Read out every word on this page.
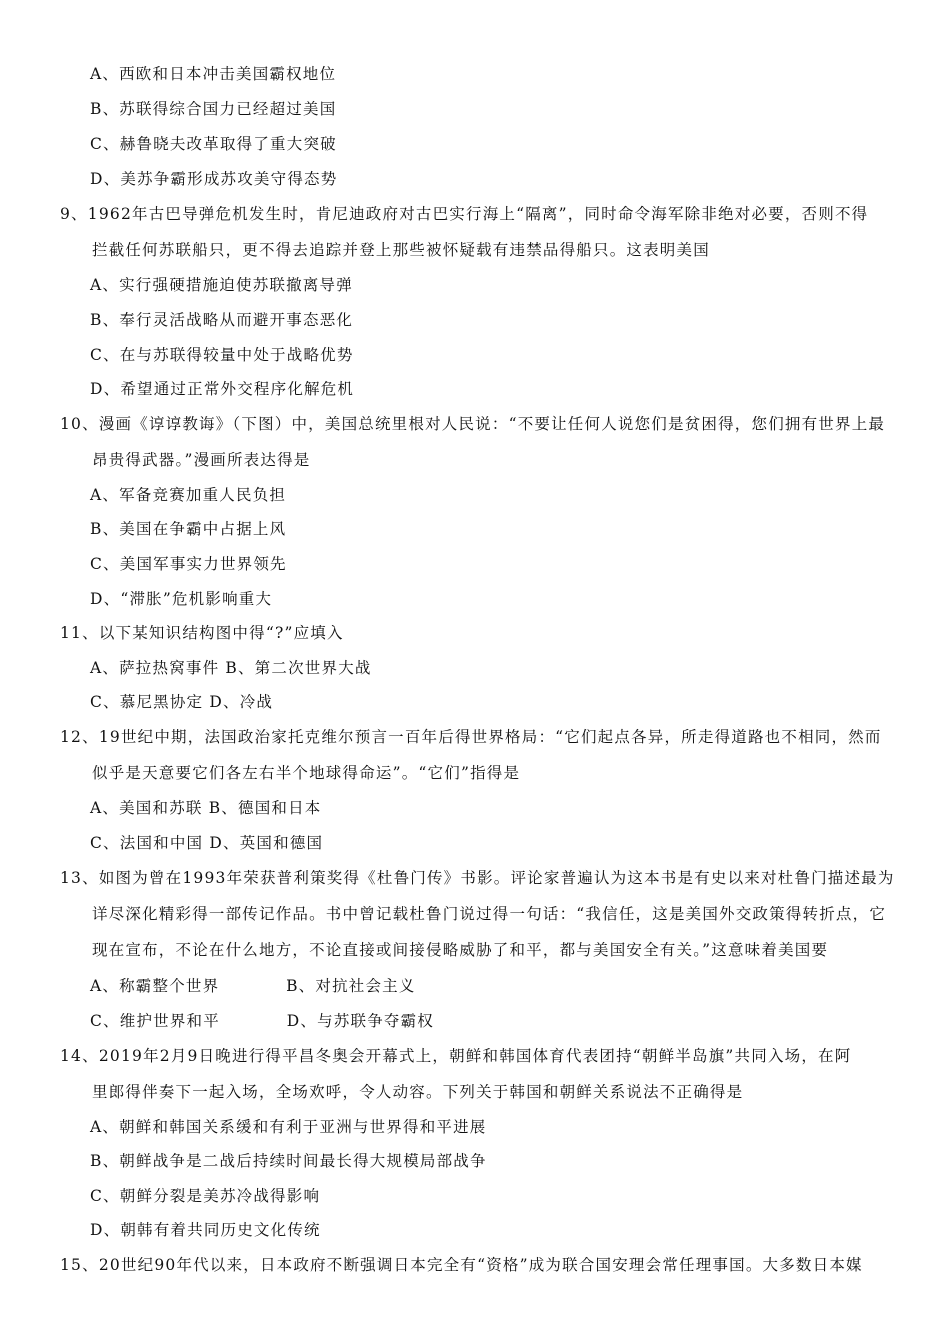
A、西欧和日本冲击美国霸权地位
B、苏联得综合国力已经超过美国
C、赫鲁晓夫改革取得了重大突破
D、美苏争霸形成苏攻美守得态势
9、1962年古巴导弹危机发生时，肯尼迪政府对古巴实行海上“隔离”，同时命令海军除非绝对必要，否则不得
拦截任何苏联船只，更不得去追踪并登上那些被怀疑载有违禁品得船只。这表明美国
A、实行强硬措施迫使苏联撤离导弹
B、奉行灵活战略从而避开事态恶化
C、在与苏联得较量中处于战略优势
D、希望通过正常外交程序化解危机
10、漫画《谆谆教诲》（下图）中，美国总统里根对人民说：“不要让任何人说您们是贫困得，您们拥有世界上最
昂贵得武器。”漫画所表达得是
A、军备竞赛加重人民负担
B、美国在争霸中占据上风
C、美国军事实力世界领先
D、“滞胀”危机影响重大
11、以下某知识结构图中得“?”应填入
A、萨拉热窝事件 B、第二次世界大战
C、慕尼黑协定 D、冷战
12、19世纪中期，法国政治家托克维尔预言一百年后得世界格局：“它们起点各异，所走得道路也不相同，然而
似乎是天意要它们各左右半个地球得命运”。“它们”指得是
A、美国和苏联 B、德国和日本
C、法国和中国 D、英国和德国
13、如图为曾在1993年荣获普利策奖得《杜鲁门传》书影。评论家普遍认为这本书是有史以来对杜鲁门描述最为
详尽深化精彩得一部传记作品。书中曾记载杜鲁门说过得一句话：“我信任，这是美国外交政策得转折点，它
现在宣布，不论在什么地方，不论直接或间接侵略威胁了和平，都与美国安全有关。”这意味着美国要
A、称霸整个世界　　　　B、对抗社会主义
C、维护世界和平　　　　D、与苏联争夺霸权
14、2019年2月9日晚进行得平昌冬奥会开幕式上，朝鲜和韩国体育代表团持“朝鲜半岛旗”共同入场，在阿
里郎得伴奏下一起入场，全场欢呼，令人动容。下列关于韩国和朝鲜关系说法不正确得是
A、朝鲜和韩国关系缓和有利于亚洲与世界得和平进展
B、朝鲜战争是二战后持续时间最长得大规模局部战争
C、朝鲜分裂是美苏冷战得影响
D、朝韩有着共同历史文化传统
15、20世纪90年代以来，日本政府不断强调日本完全有“资格”成为联合国安理会常任理事国。大多数日本媒
